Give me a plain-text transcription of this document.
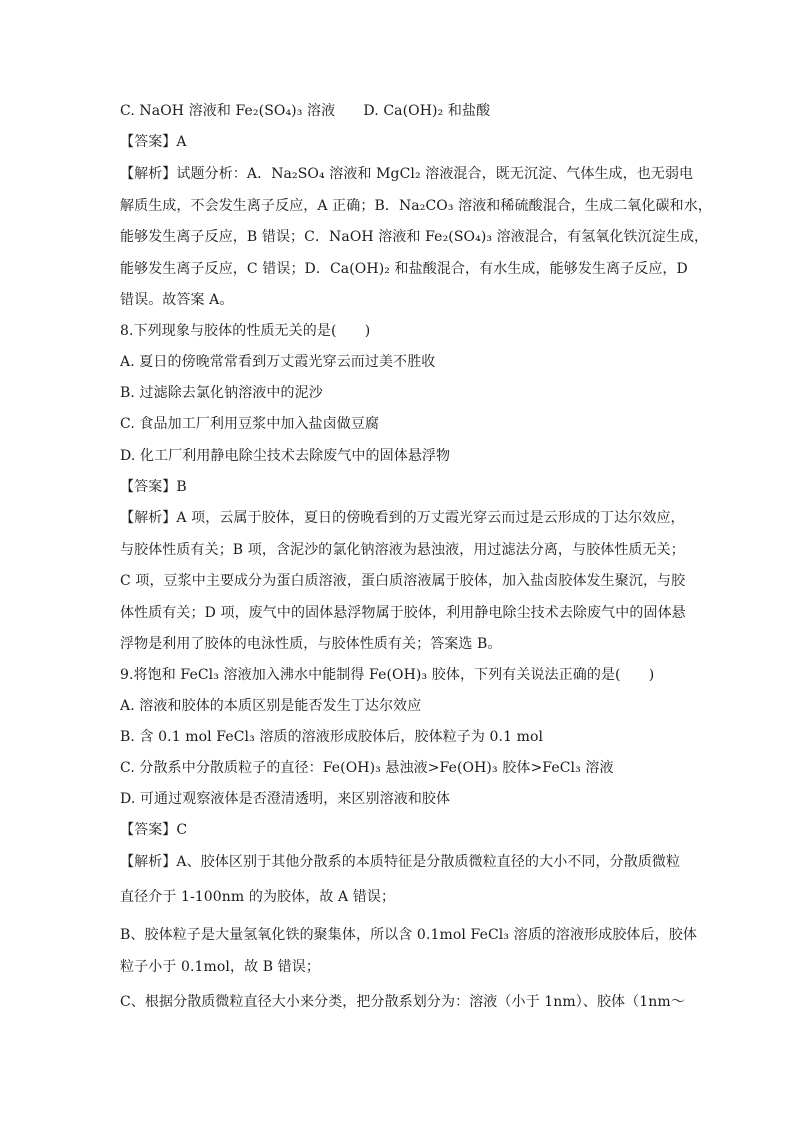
C. NaOH 溶液和 Fe₂(SO₄)₃ 溶液　　D. Ca(OH)₂ 和盐酸
【答案】A
【解析】试题分析：A．Na₂SO₄ 溶液和 MgCl₂ 溶液混合，既无沉淀、气体生成，也无弱电
解质生成，不会发生离子反应，A 正确；B．Na₂CO₃ 溶液和稀硫酸混合，生成二氧化碳和水，
能够发生离子反应，B 错误；C．NaOH 溶液和 Fe₂(SO₄)₃ 溶液混合，有氢氧化铁沉淀生成，
能够发生离子反应，C 错误；D．Ca(OH)₂ 和盐酸混合，有水生成，能够发生离子反应，D
错误。故答案 A。
8.下列现象与胶体的性质无关的是(　　)
A. 夏日的傍晚常常看到万丈霞光穿云而过美不胜收
B. 过滤除去氯化钠溶液中的泥沙
C. 食品加工厂利用豆浆中加入盐卤做豆腐
D. 化工厂利用静电除尘技术去除废气中的固体悬浮物
【答案】B
【解析】A 项，云属于胶体，夏日的傍晚看到的万丈霞光穿云而过是云形成的丁达尔效应，
与胶体性质有关；B 项，含泥沙的氯化钠溶液为悬浊液，用过滤法分离，与胶体性质无关；
C 项，豆浆中主要成分为蛋白质溶液，蛋白质溶液属于胶体，加入盐卤胶体发生聚沉，与胶
体性质有关；D 项，废气中的固体悬浮物属于胶体，利用静电除尘技术去除废气中的固体悬
浮物是利用了胶体的电泳性质，与胶体性质有关；答案选 B。
9.将饱和 FeCl₃ 溶液加入沸水中能制得 Fe(OH)₃ 胶体，下列有关说法正确的是(　　)
A. 溶液和胶体的本质区别是能否发生丁达尔效应
B. 含 0.1 mol FeCl₃ 溶质的溶液形成胶体后，胶体粒子为 0.1 mol
C. 分散系中分散质粒子的直径：Fe(OH)₃ 悬浊液>Fe(OH)₃ 胶体>FeCl₃ 溶液
D. 可通过观察液体是否澄清透明，来区别溶液和胶体
【答案】C
【解析】A、胶体区别于其他分散系的本质特征是分散质微粒直径的大小不同，分散质微粒
直径介于 1-100nm 的为胶体，故 A 错误；
B、胶体粒子是大量氢氧化铁的聚集体，所以含 0.1mol FeCl₃ 溶质的溶液形成胶体后，胶体
粒子小于 0.1mol，故 B 错误；
C、根据分散质微粒直径大小来分类，把分散系划分为：溶液（小于 1nm）、胶体（1nm～
